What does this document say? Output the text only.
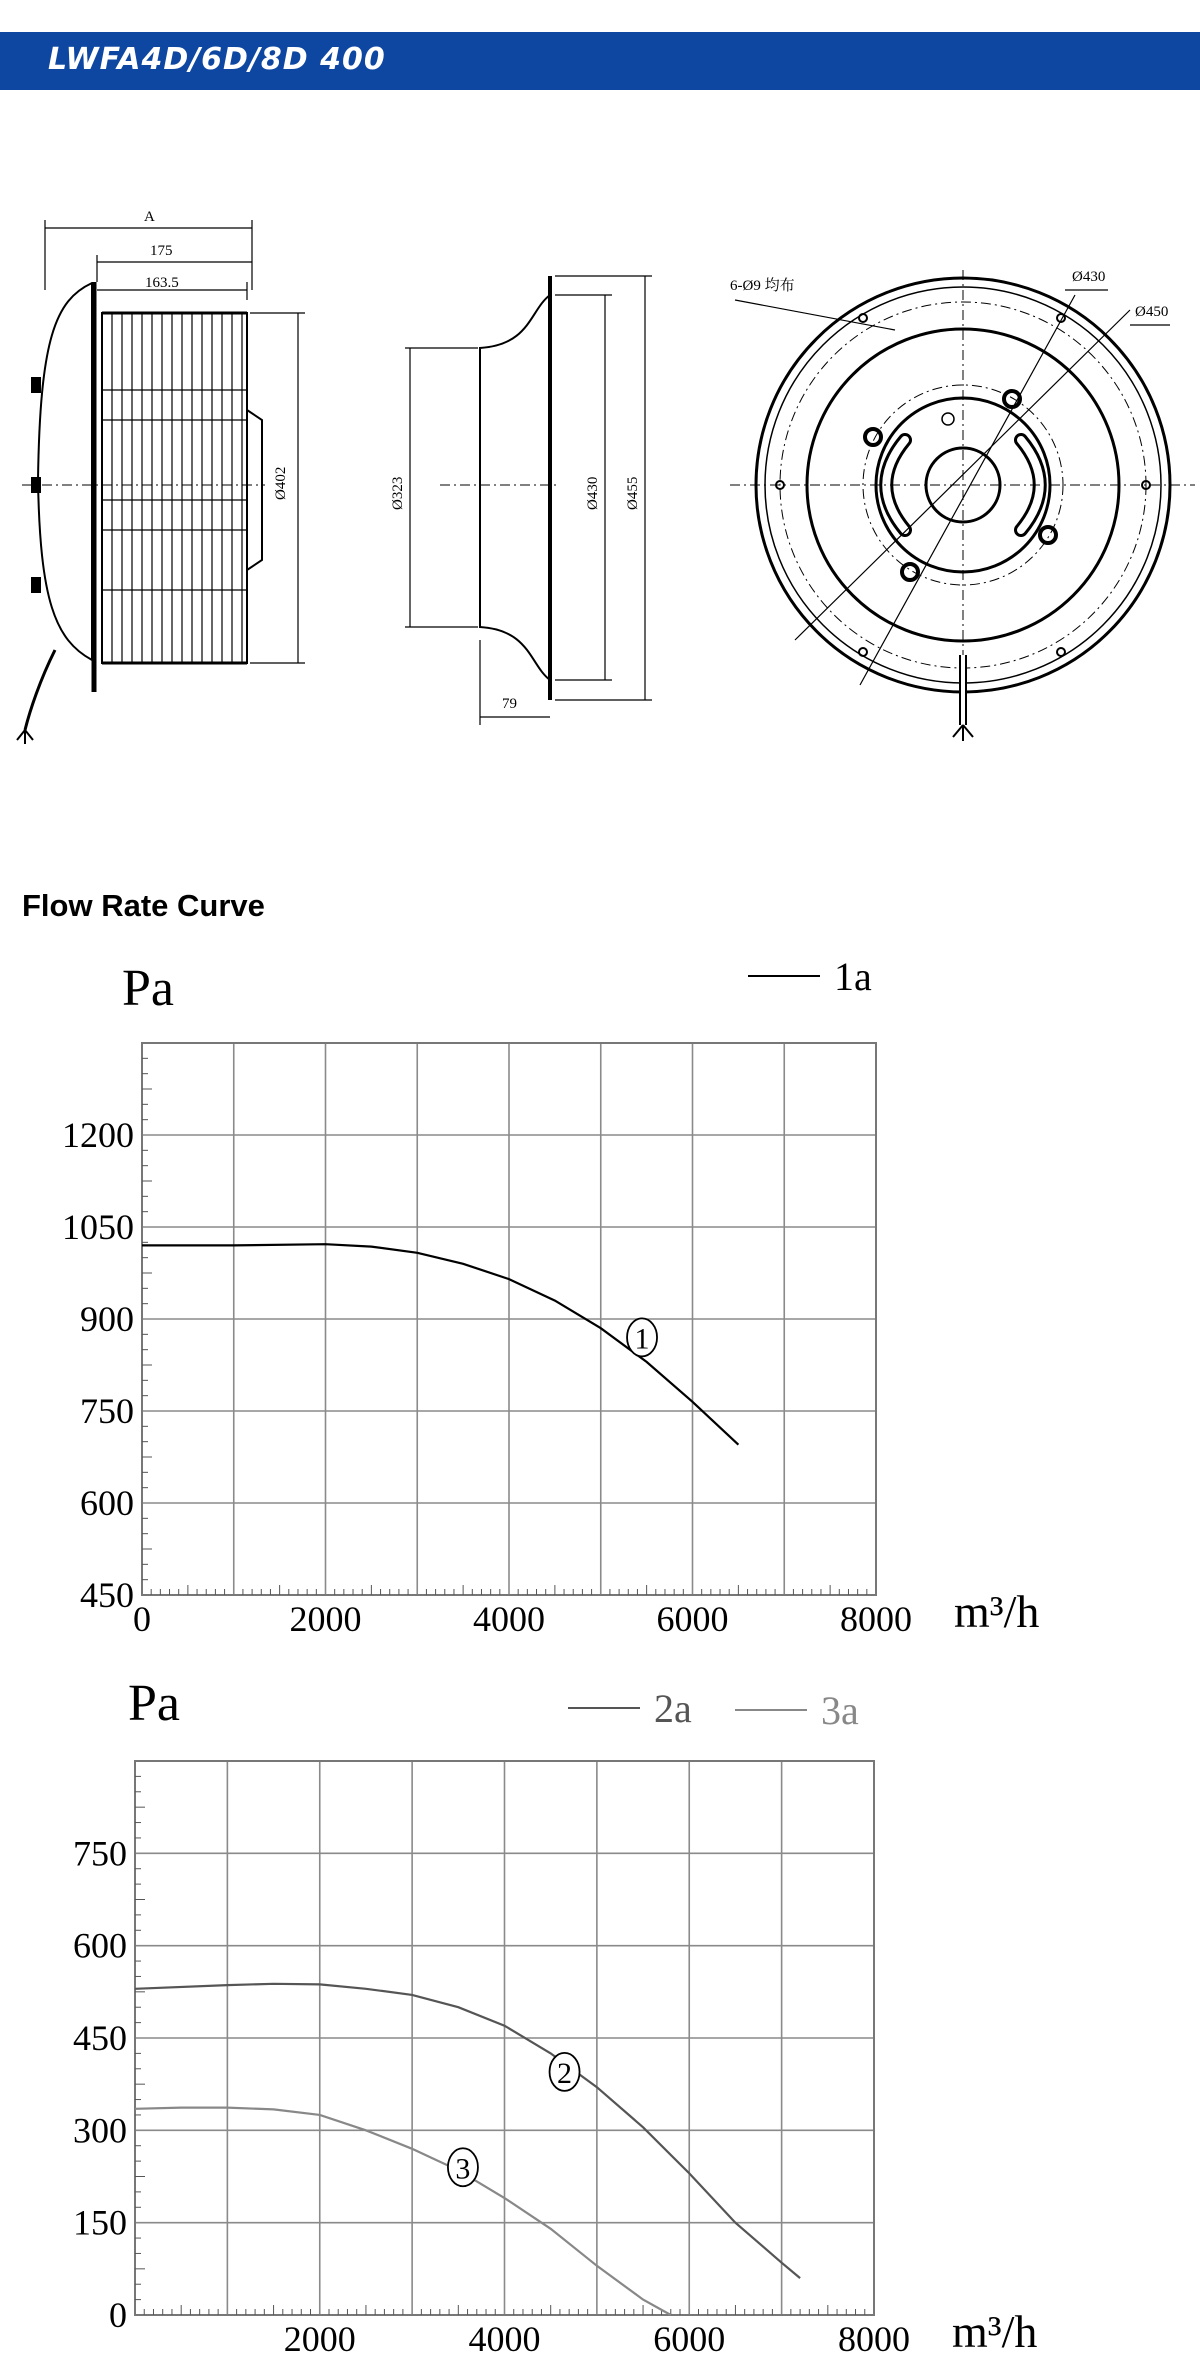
LWFA4D/6D/8D 400
A
175
163.5
Ø402	Ø323	Ø430 Ø455
79
6-Ø9 均布
Ø430
Ø450
Flow Rate Curve
0	2000	4000	6000	8000
450
600
750
900
1050
1200
Pa
m³/h
1
1a
2000	4000	6000	8000
0
150
300
450
600
750
Pa
m³/h
2
2a
3
3a
